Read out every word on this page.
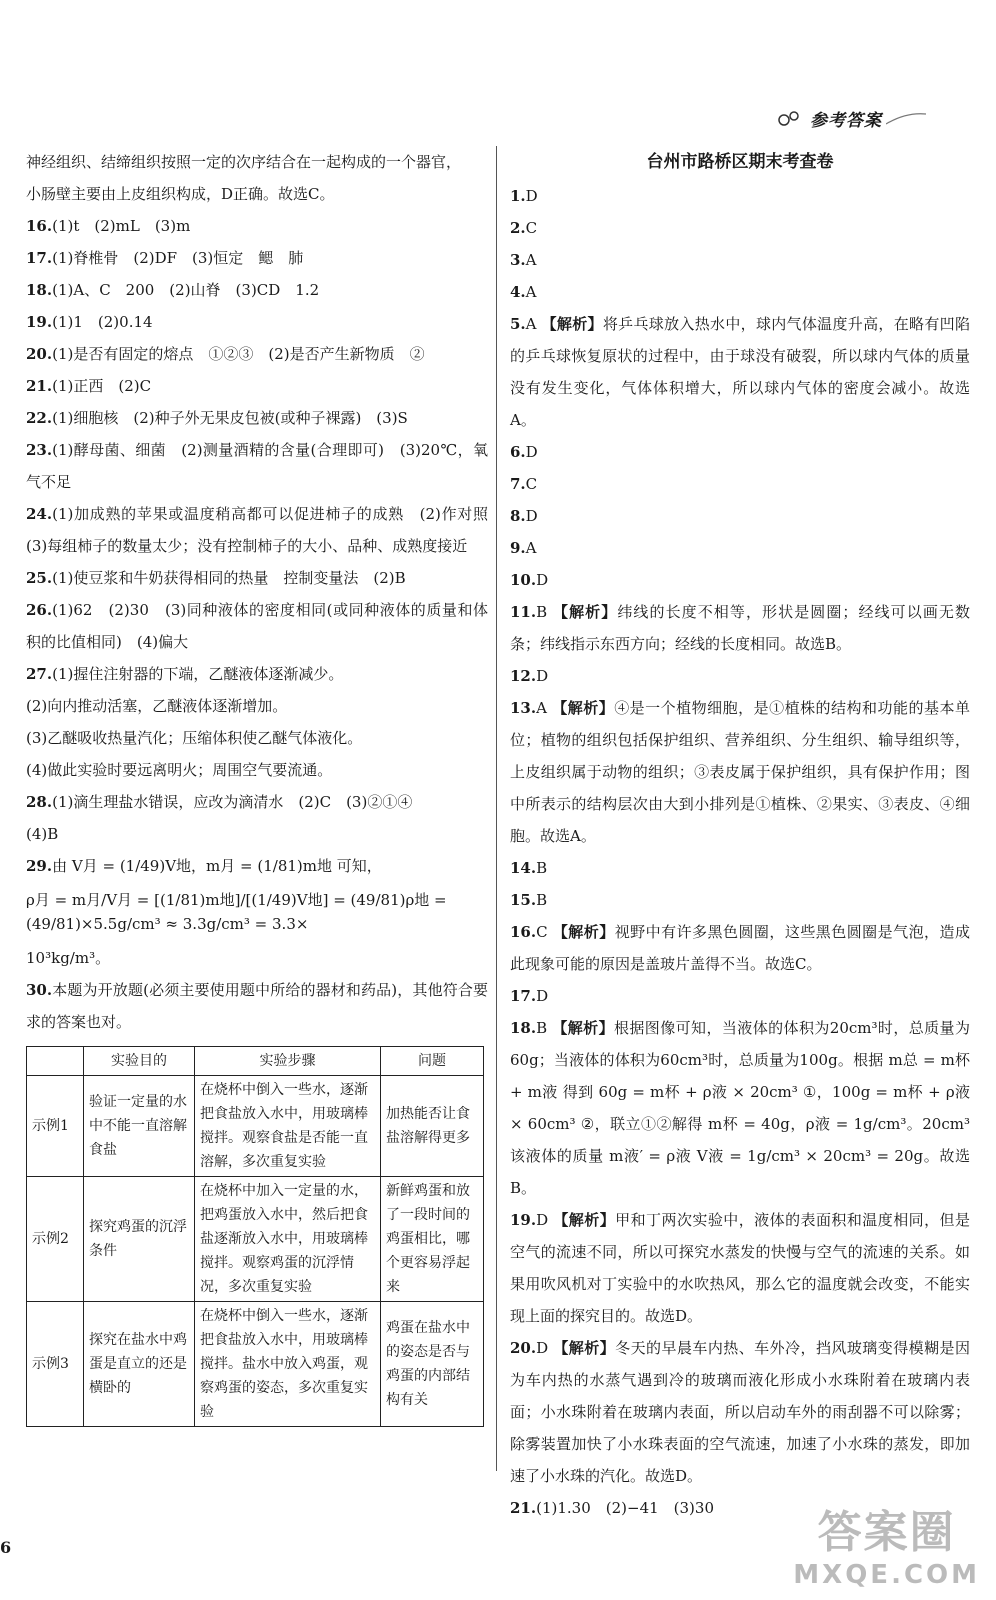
参考答案

神经组织、结缔组织按照一定的次序结合在一起构成的一个器官，

小肠壁主要由上皮组织构成，D正确。故选C。

16.(1)t　(2)mL　(3)m

17.(1)脊椎骨　(2)DF　(3)恒定　鳃　肺

18.(1)A、C　200　(2)山脊　(3)CD　1.2

19.(1)1　(2)0.14

20.(1)是否有固定的熔点　①②③　(2)是否产生新物质　②

21.(1)正西　(2)C

22.(1)细胞核　(2)种子外无果皮包被(或种子裸露)　(3)S

23.(1)酵母菌、细菌　(2)测量酒精的含量(合理即可)　(3)20℃，氧气不足

24.(1)加成熟的苹果或温度稍高都可以促进柿子的成熟　(2)作对照　(3)每组柿子的数量太少；没有控制柿子的大小、品种、成熟度接近

25.(1)使豆浆和牛奶获得相同的热量　控制变量法　(2)B

26.(1)62　(2)30　(3)同种液体的密度相同(或同种液体的质量和体积的比值相同)　(4)偏大

27.(1)握住注射器的下端，乙醚液体逐渐减少。

(2)向内推动活塞，乙醚液体逐渐增加。

(3)乙醚吸收热量汽化；压缩体积使乙醚气体液化。

(4)做此实验时要远离明火；周围空气要流通。

28.(1)滴生理盐水错误，应改为滴清水　(2)C　(3)②①④

(4)B

29.由 V月 = (1/49)V地，m月 = (1/81)m地 可知，

ρ月 = m月/V月 = [(1/81)m地]/[(1/49)V地] = (49/81)ρ地 = (49/81)×5.5g/cm³ ≈ 3.3g/cm³ = 3.3×

10³kg/m³。

30.本题为开放题(必须主要使用题中所给的器材和药品)，其他符合要求的答案也对。

	实验目的	实验步骤	问题
示例1	验证一定量的水中不能一直溶解食盐	在烧杯中倒入一些水，逐渐把食盐放入水中，用玻璃棒搅拌。观察食盐是否能一直溶解，多次重复实验	加热能否让食盐溶解得更多
示例2	探究鸡蛋的沉浮条件	在烧杯中加入一定量的水，把鸡蛋放入水中，然后把食盐逐渐放入水中，用玻璃棒搅拌。观察鸡蛋的沉浮情况，多次重复实验	新鲜鸡蛋和放了一段时间的鸡蛋相比，哪个更容易浮起来
示例3	探究在盐水中鸡蛋是直立的还是横卧的	在烧杯中倒入一些水，逐渐把食盐放入水中，用玻璃棒搅拌。盐水中放入鸡蛋，观察鸡蛋的姿态，多次重复实验	鸡蛋在盐水中的姿态是否与鸡蛋的内部结构有关
台州市路桥区期末考查卷

1.D

2.C

3.A

4.A

5.A 【解析】将乒乓球放入热水中，球内气体温度升高，在略有凹陷的乒乓球恢复原状的过程中，由于球没有破裂，所以球内气体的质量没有发生变化，气体体积增大，所以球内气体的密度会减小。故选A。

6.D

7.C

8.D

9.A

10.D

11.B 【解析】纬线的长度不相等，形状是圆圈；经线可以画无数条；纬线指示东西方向；经线的长度相同。故选B。

12.D

13.A 【解析】④是一个植物细胞，是①植株的结构和功能的基本单位；植物的组织包括保护组织、营养组织、分生组织、输导组织等，上皮组织属于动物的组织；③表皮属于保护组织，具有保护作用；图中所表示的结构层次由大到小排列是①植株、②果实、③表皮、④细胞。故选A。

14.B

15.B

16.C 【解析】视野中有许多黑色圆圈，这些黑色圆圈是气泡，造成此现象可能的原因是盖玻片盖得不当。故选C。

17.D

18.B 【解析】根据图像可知，当液体的体积为20cm³时，总质量为60g；当液体的体积为60cm³时，总质量为100g。根据 m总 = m杯 + m液 得到 60g = m杯 + ρ液 × 20cm³ ①，100g = m杯 + ρ液 × 60cm³ ②，联立①②解得 m杯 = 40g，ρ液 = 1g/cm³。20cm³ 该液体的质量 m液′ = ρ液 V液 = 1g/cm³ × 20cm³ = 20g。故选B。

19.D 【解析】甲和丁两次实验中，液体的表面积和温度相同，但是空气的流速不同，所以可探究水蒸发的快慢与空气的流速的关系。如果用吹风机对丁实验中的水吹热风，那么它的温度就会改变，不能实现上面的探究目的。故选D。

20.D 【解析】冬天的早晨车内热、车外冷，挡风玻璃变得模糊是因为车内热的水蒸气遇到冷的玻璃而液化形成小水珠附着在玻璃内表面；小水珠附着在玻璃内表面，所以启动车外的雨刮器不可以除雾；除雾装置加快了小水珠表面的空气流速，加速了小水珠的蒸发，即加速了小水珠的汽化。故选D。

21.(1)1.30　(2)−41　(3)30

6	答案圈
MXQE.COM
